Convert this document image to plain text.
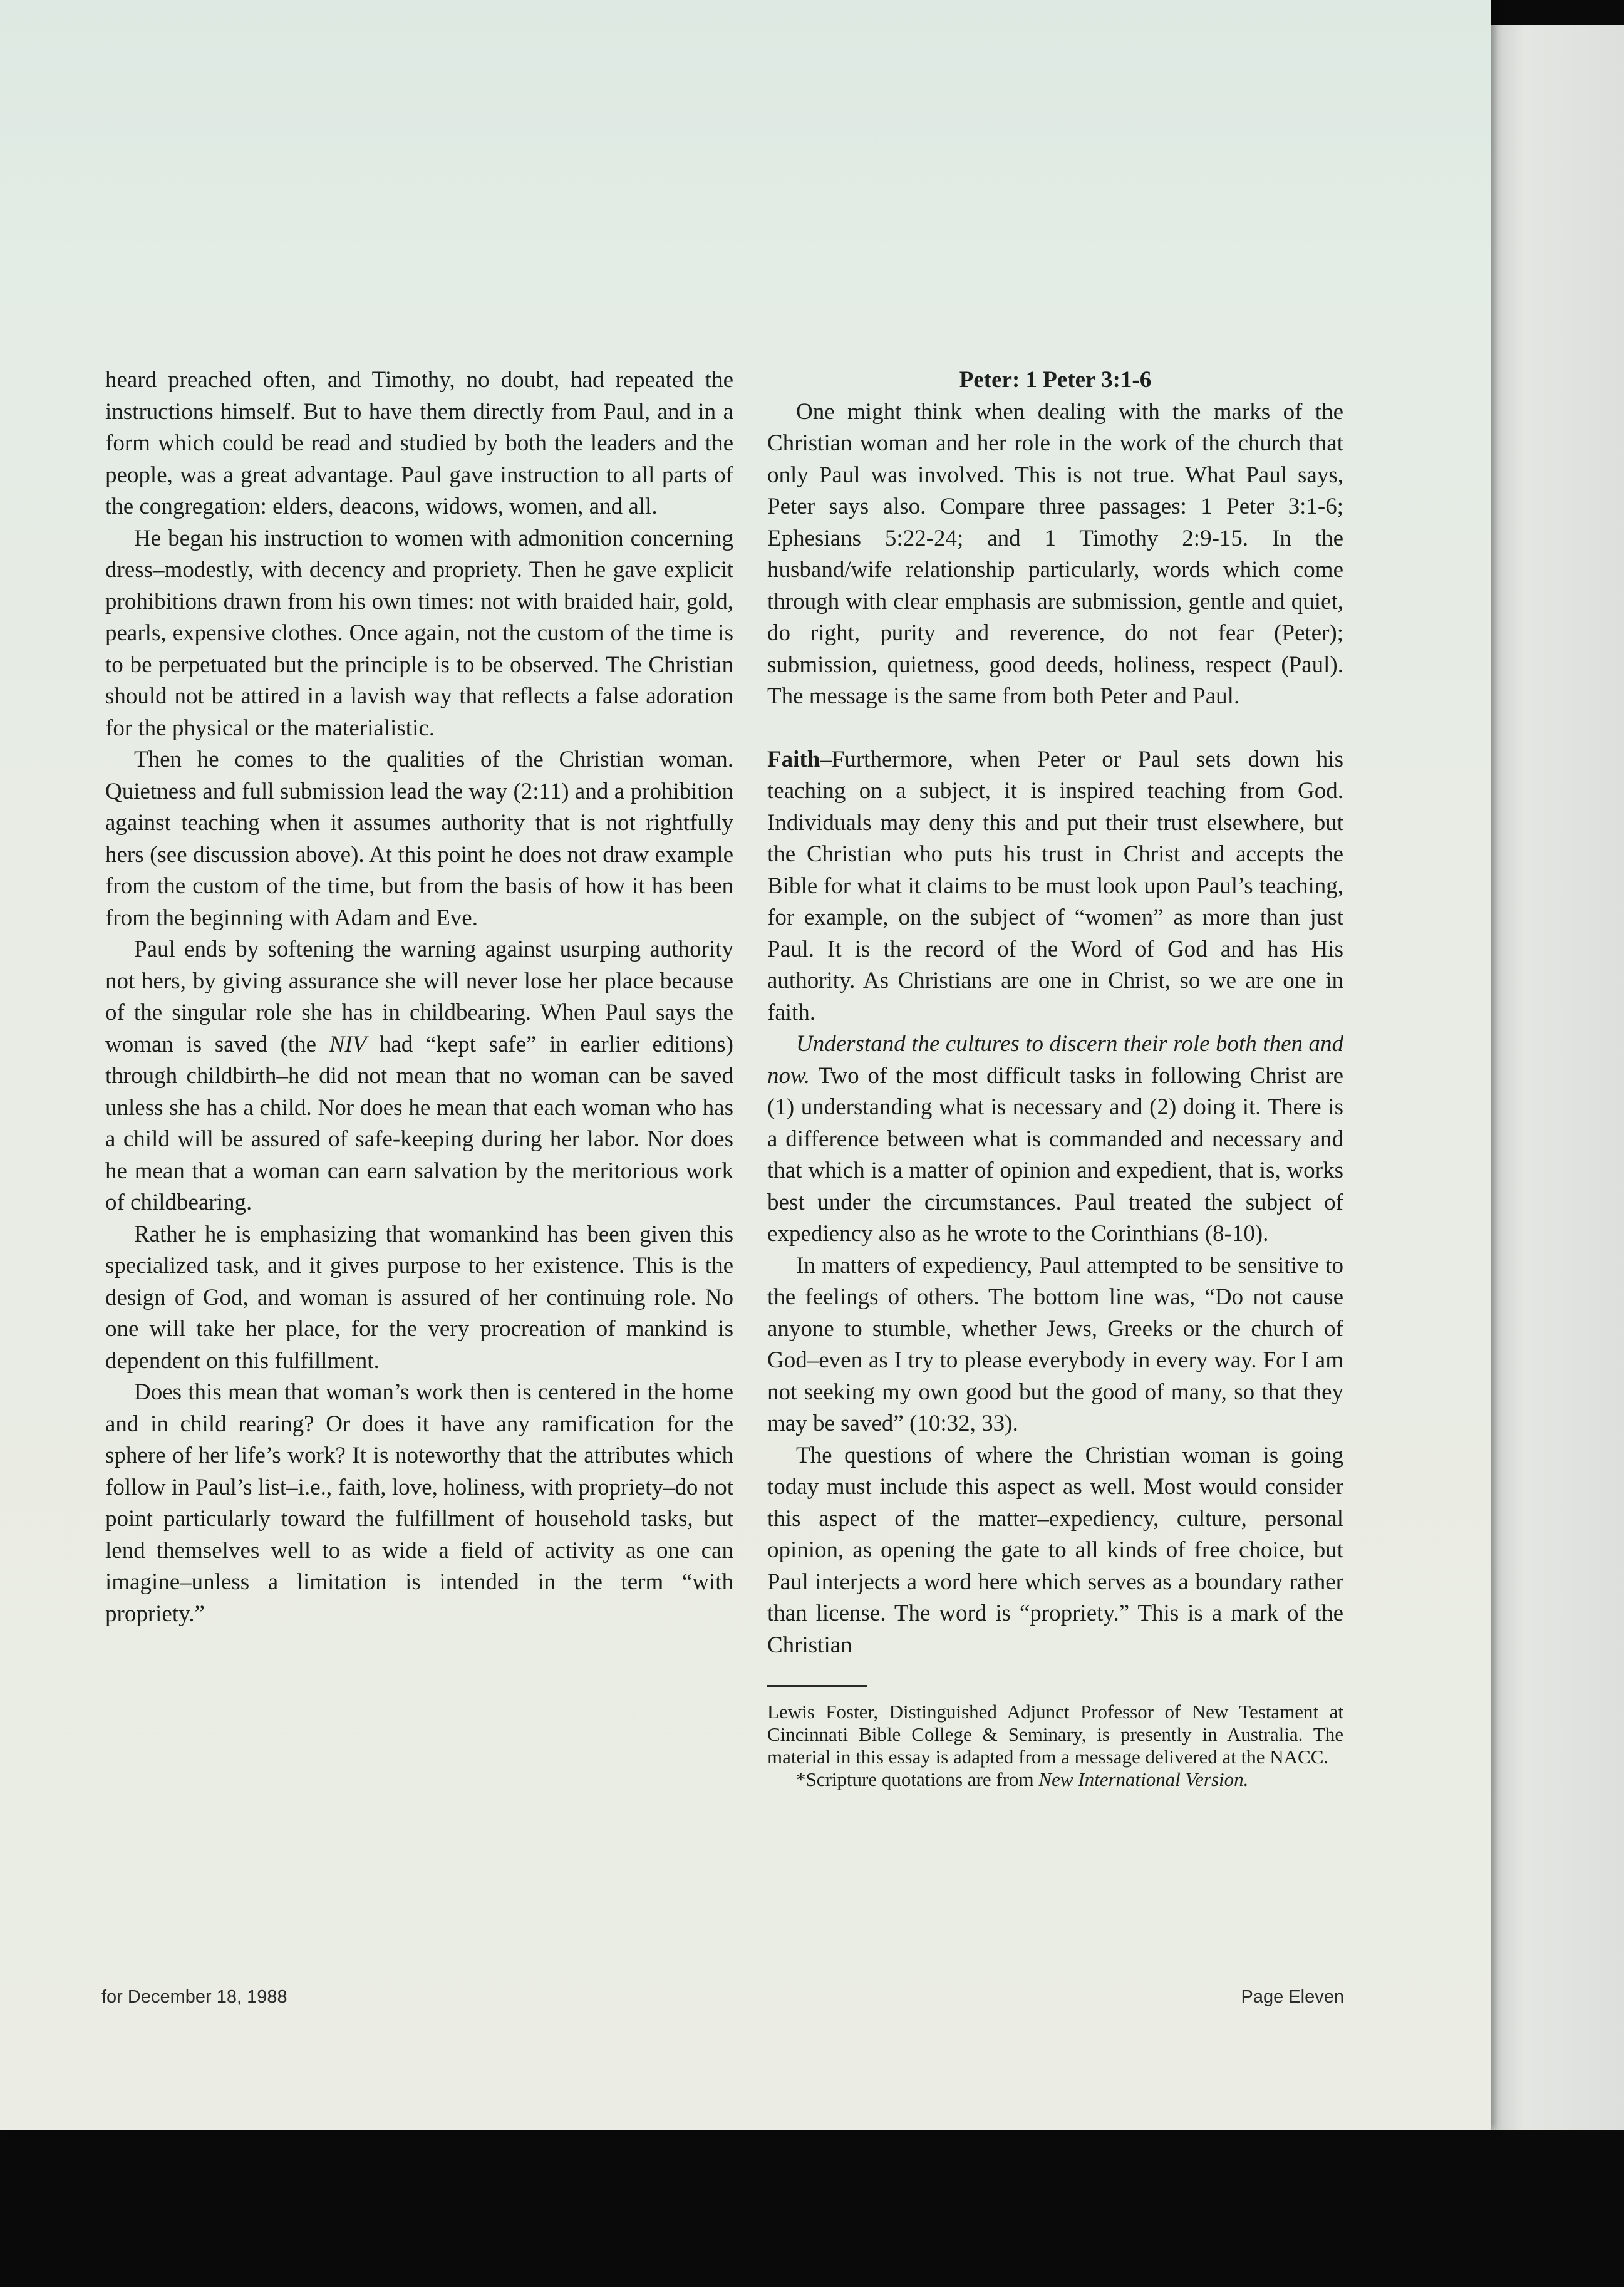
heard preached often, and Timothy, no doubt, had repeated the instructions himself. But to have them directly from Paul, and in a form which could be read and studied by both the leaders and the people, was a great advantage. Paul gave instruction to all parts of the congregation: elders, deacons, widows, women, and all.

He began his instruction to women with admonition concerning dress–modestly, with decency and propriety. Then he gave explicit prohibitions drawn from his own times: not with braided hair, gold, pearls, expensive clothes. Once again, not the custom of the time is to be perpetuated but the principle is to be observed. The Christian should not be attired in a lavish way that reflects a false adoration for the physical or the materialistic.

Then he comes to the qualities of the Christian woman. Quietness and full submission lead the way (2:11) and a prohibition against teaching when it assumes authority that is not rightfully hers (see discussion above). At this point he does not draw example from the custom of the time, but from the basis of how it has been from the beginning with Adam and Eve.

Paul ends by softening the warning against usurping authority not hers, by giving assurance she will never lose her place because of the singular role she has in childbearing. When Paul says the woman is saved (the NIV had “kept safe” in earlier editions) through childbirth–he did not mean that no woman can be saved unless she has a child. Nor does he mean that each woman who has a child will be assured of safe-keeping during her labor. Nor does he mean that a woman can earn salvation by the meritorious work of childbearing.

Rather he is emphasizing that womankind has been given this specialized task, and it gives purpose to her existence. This is the design of God, and woman is assured of her continuing role. No one will take her place, for the very procreation of mankind is dependent on this fulfillment.

Does this mean that woman’s work then is centered in the home and in child rearing? Or does it have any ramification for the sphere of her life’s work? It is noteworthy that the attributes which follow in Paul’s list–i.e., faith, love, holiness, with propriety–do not point particularly toward the fulfillment of household tasks, but lend themselves well to as wide a field of activity as one can imagine–unless a limitation is intended in the term “with propriety.”

Peter: 1 Peter 3:1-6

One might think when dealing with the marks of the Christian woman and her role in the work of the church that only Paul was involved. This is not true. What Paul says, Peter says also. Compare three passages: 1 Peter 3:1-6; Ephesians 5:22-24; and 1 Timothy 2:9-15. In the husband/wife relationship particularly, words which come through with clear emphasis are submission, gentle and quiet, do right, purity and reverence, do not fear (Peter); submission, quietness, good deeds, holiness, respect (Paul). The message is the same from both Peter and Paul.

Faith–Furthermore, when Peter or Paul sets down his teaching on a subject, it is inspired teaching from God. Individuals may deny this and put their trust elsewhere, but the Christian who puts his trust in Christ and accepts the Bible for what it claims to be must look upon Paul’s teaching, for example, on the subject of “women” as more than just Paul. It is the record of the Word of God and has His authority. As Christians are one in Christ, so we are one in faith.

Understand the cultures to discern their role both then and now. Two of the most difficult tasks in following Christ are (1) understanding what is necessary and (2) doing it. There is a difference between what is commanded and necessary and that which is a matter of opinion and expedient, that is, works best under the circumstances. Paul treated the subject of expediency also as he wrote to the Corinthians (8-10).

In matters of expediency, Paul attempted to be sensitive to the feelings of others. The bottom line was, “Do not cause anyone to stumble, whether Jews, Greeks or the church of God–even as I try to please everybody in every way. For I am not seeking my own good but the good of many, so that they may be saved” (10:32, 33).

The questions of where the Christian woman is going today must include this aspect as well. Most would consider this aspect of the matter–expediency, culture, personal opinion, as opening the gate to all kinds of free choice, but Paul interjects a word here which serves as a boundary rather than license. The word is “propriety.” This is a mark of the Christian

Lewis Foster, Distinguished Adjunct Professor of New Testament at Cincinnati Bible College & Seminary, is presently in Australia. The material in this essay is adapted from a message delivered at the NACC.

*Scripture quotations are from New International Version.

for December 18, 1988	Page Eleven
